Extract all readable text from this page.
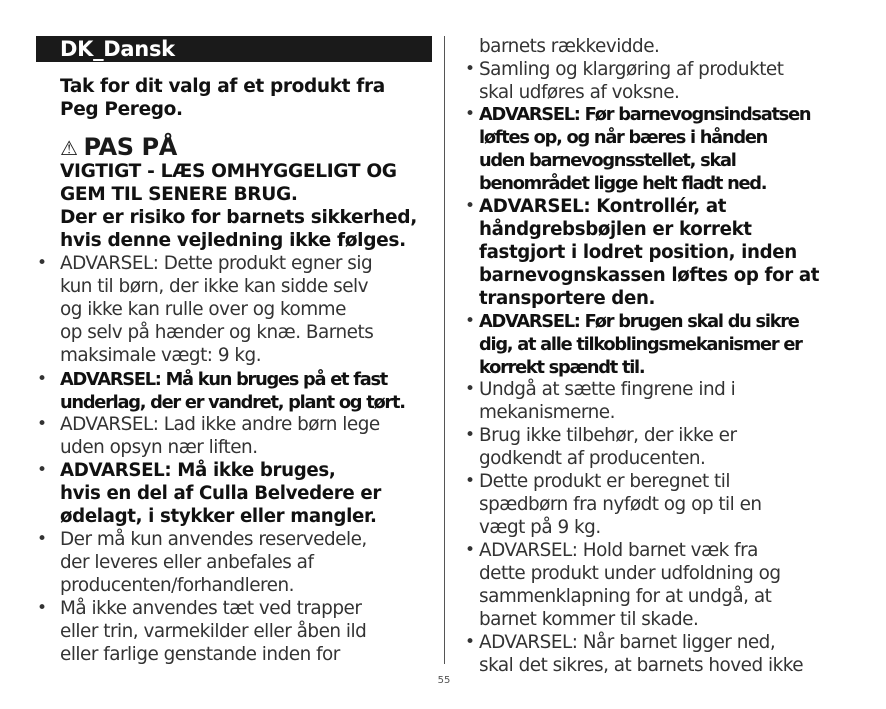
DK_Dansk
Tak for dit valg af et produkt fra
Peg Perego.
⚠ PAS PÅ
VIGTIGT - LÆS OMHYGGELIGT OG
GEM TIL SENERE BRUG.
Der er risiko for barnets sikkerhed,
hvis denne vejledning ikke følges.
• ADVARSEL: Dette produkt egner sig
kun til børn, der ikke kan sidde selv
og ikke kan rulle over og komme
op selv på hænder og knæ. Barnets
maksimale vægt: 9 kg.
• ADVARSEL: Må kun bruges på et fast
underlag, der er vandret, plant og tørt.
• ADVARSEL: Lad ikke andre børn lege
uden opsyn nær liften.
• ADVARSEL: Må ikke bruges,
hvis en del af Culla Belvedere er
ødelagt, i stykker eller mangler.
• Der må kun anvendes reservedele,
der leveres eller anbefales af
producenten/forhandleren.
• Må ikke anvendes tæt ved trapper
eller trin, varmekilder eller åben ild
eller farlige genstande inden for
barnets rækkevidde.
• Samling og klargøring af produktet
skal udføres af voksne.
• ADVARSEL: Før barnevognsindsatsen
løftes op, og når bæres i hånden
uden barnevognsstellet, skal
benområdet ligge helt fladt ned.
• ADVARSEL: Kontrollér, at
håndgrebsbøjlen er korrekt
fastgjort i lodret position, inden
barnevognskassen løftes op for at
transportere den.
• ADVARSEL: Før brugen skal du sikre
dig, at alle tilkoblingsmekanismer er
korrekt spændt til.
• Undgå at sætte fingrene ind i
mekanismerne.
• Brug ikke tilbehør, der ikke er
godkendt af producenten.
• Dette produkt er beregnet til
spædbørn fra nyfødt og op til en
vægt på 9 kg.
• ADVARSEL: Hold barnet væk fra
dette produkt under udfoldning og
sammenklapning for at undgå, at
barnet kommer til skade.
• ADVARSEL: Når barnet ligger ned,
skal det sikres, at barnets hoved ikke
55
